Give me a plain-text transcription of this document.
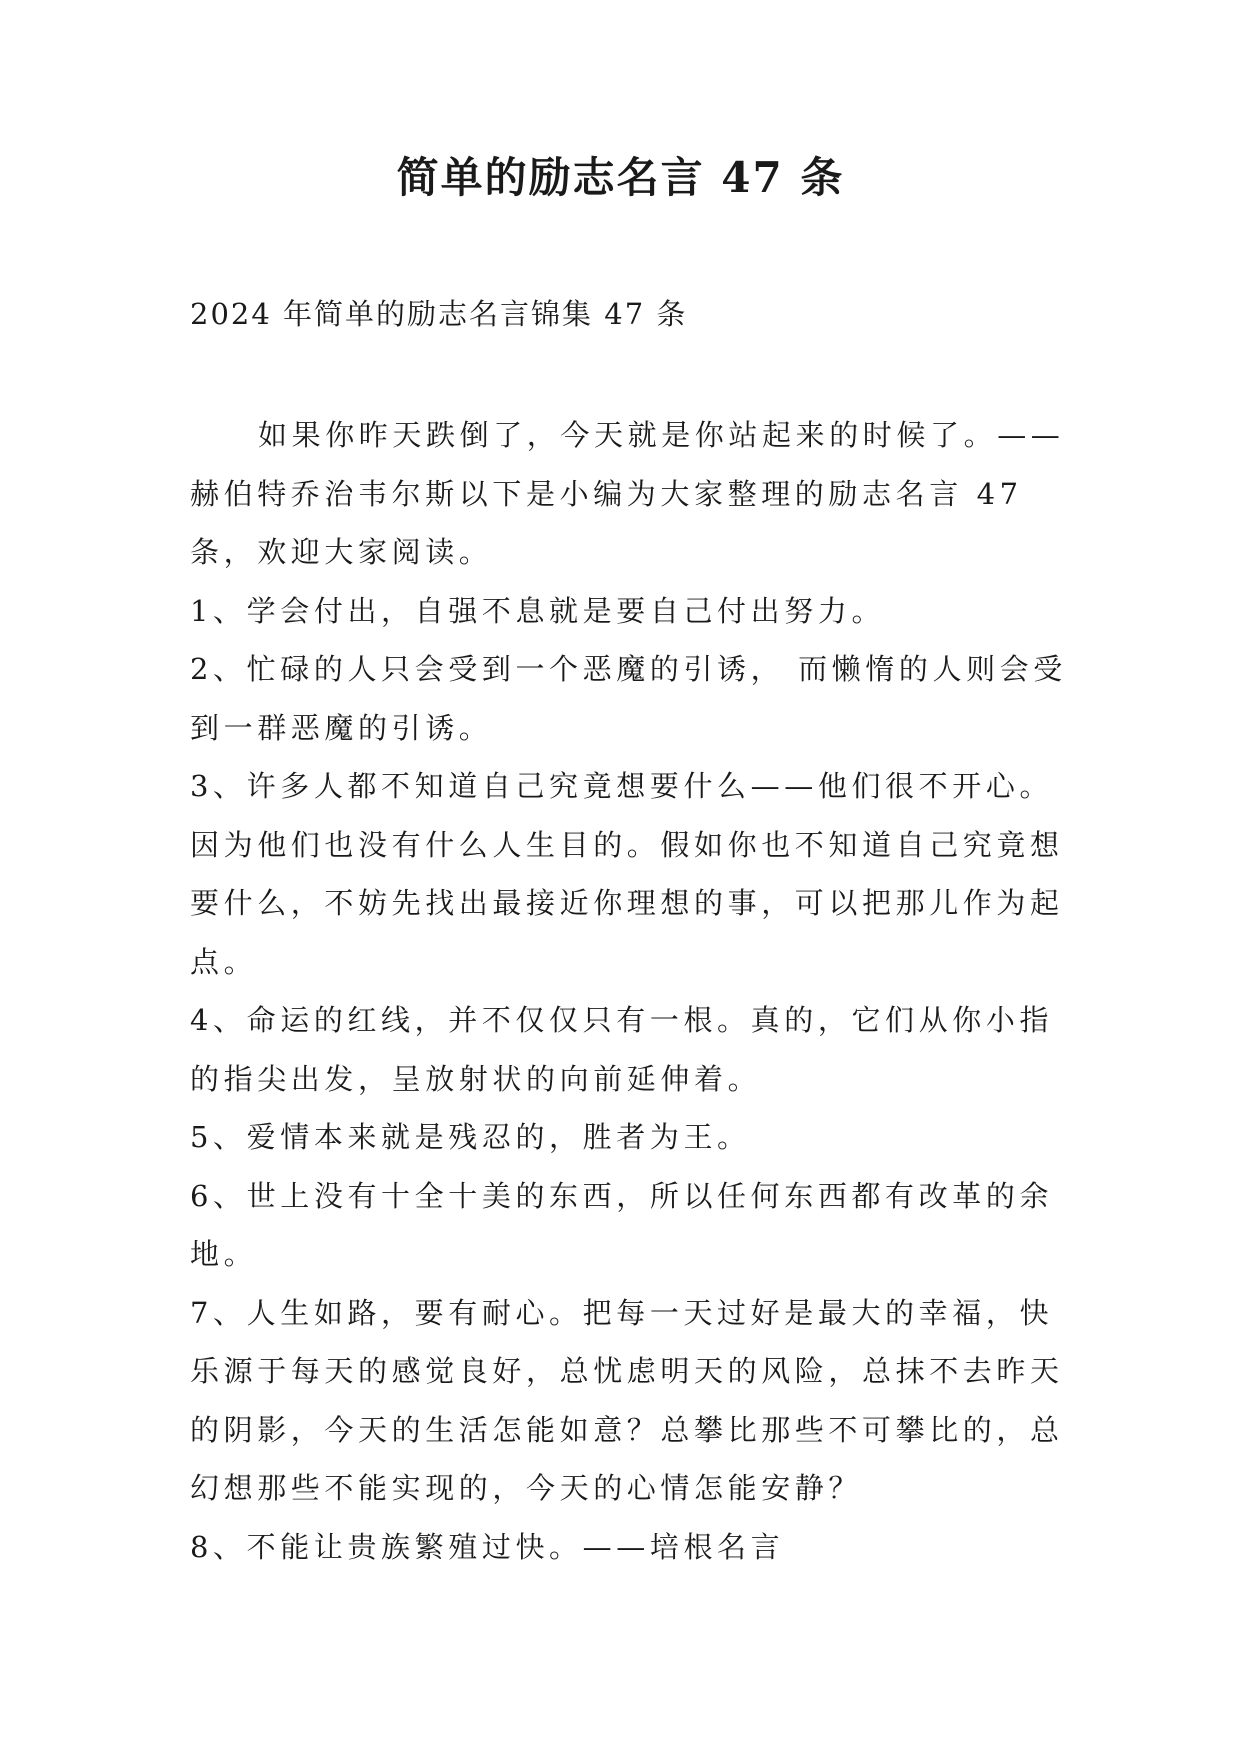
简单的励志名言 47 条
2024 年简单的励志名言锦集 47 条

如果你昨天跌倒了，今天就是你站起来的时候了。——赫伯特乔治韦尔斯以下是小编为大家整理的励志名言 47 条，欢迎大家阅读。

1、学会付出，自强不息就是要自己付出努力。

2、忙碌的人只会受到一个恶魔的引诱， 而懒惰的人则会受到一群恶魔的引诱。

3、许多人都不知道自己究竟想要什么——他们很不开心。因为他们也没有什么人生目的。假如你也不知道自己究竟想要什么，不妨先找出最接近你理想的事，可以把那儿作为起点。

4、命运的红线，并不仅仅只有一根。真的，它们从你小指的指尖出发，呈放射状的向前延伸着。

5、爱情本来就是残忍的，胜者为王。

6、世上没有十全十美的东西，所以任何东西都有改革的余地。

7、人生如路，要有耐心。把每一天过好是最大的幸福，快乐源于每天的感觉良好，总忧虑明天的风险，总抹不去昨天的阴影，今天的生活怎能如意？总攀比那些不可攀比的，总幻想那些不能实现的，今天的心情怎能安静？

8、不能让贵族繁殖过快。——培根名言
